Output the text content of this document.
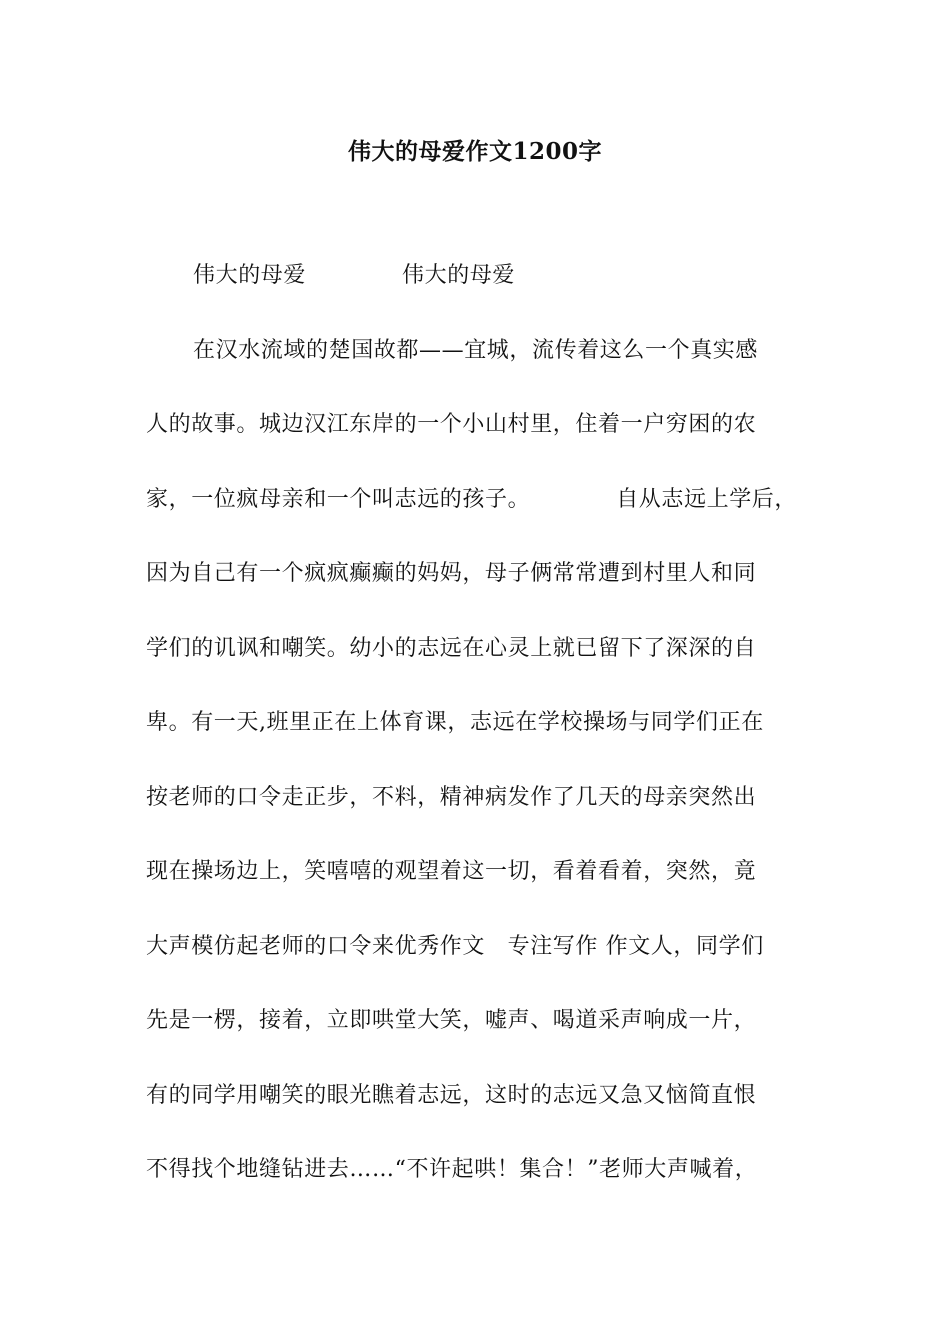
伟大的母爱作文1200字
伟大的母爱	伟大的母爱
在汉水流域的楚国故都——宜城，流传着这么一个真实感
人的故事。城边汉江东岸的一个小山村里，住着一户穷困的农
家，一位疯母亲和一个叫志远的孩子。	自从志远上学后，
因为自己有一个疯疯癫癫的妈妈，母子俩常常遭到村里人和同
学们的讥讽和嘲笑。幼小的志远在心灵上就已留下了深深的自
卑。有一天,班里正在上体育课，志远在学校操场与同学们正在
按老师的口令走正步，不料，精神病发作了几天的母亲突然出
现在操场边上，笑嘻嘻的观望着这一切，看着看着，突然，竟
大声模仿起老师的口令来优秀作文　专注写作 作文人，同学们
先是一楞，接着，立即哄堂大笑，嘘声、喝道采声响成一片，
有的同学用嘲笑的眼光瞧着志远，这时的志远又急又恼简直恨
不得找个地缝钻进去……“不许起哄！集合！”老师大声喊着，
